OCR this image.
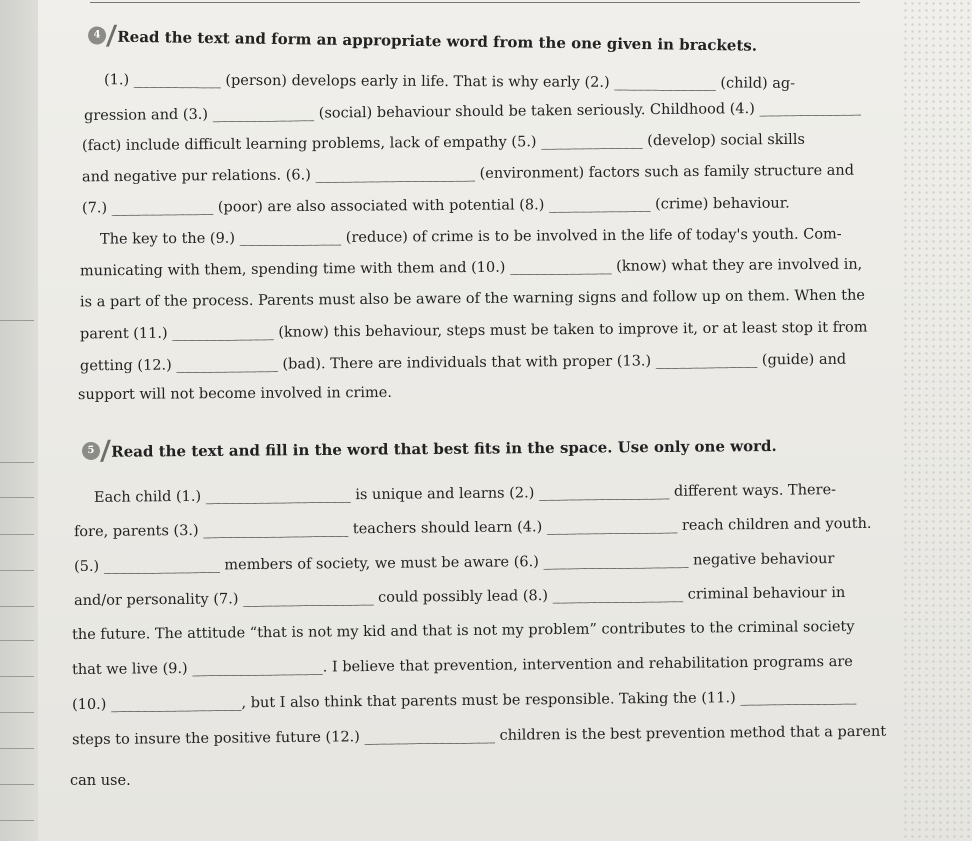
4 Read the text and form an appropriate word from the one given in brackets.
(1.) ____________ (person) develops early in life. That is why early (2.) ______________ (child) ag-
gression and (3.) ______________ (social) behaviour should be taken seriously. Childhood (4.) ______________
(fact) include difficult learning problems, lack of empathy (5.) ______________ (develop) social skills
and negative pur relations. (6.) ______________________ (environment) factors such as family structure and
(7.) ______________ (poor) are also associated with potential (8.) ______________ (crime) behaviour.
The key to the (9.) ______________ (reduce) of crime is to be involved in the life of today's youth. Com-
municating with them, spending time with them and (10.) ______________ (know) what they are involved in,
is a part of the process. Parents must also be aware of the warning signs and follow up on them. When the
parent (11.) ______________ (know) this behaviour, steps must be taken to improve it, or at least stop it from
getting (12.) ______________ (bad). There are individuals that with proper (13.) ______________ (guide) and
support will not become involved in crime.
5 Read the text and fill in the word that best fits in the space. Use only one word.
Each child (1.) ____________________ is unique and learns (2.) __________________ different ways. There-
fore, parents (3.) ____________________ teachers should learn (4.) __________________ reach children and youth.
(5.) ________________ members of society, we must be aware (6.) ____________________ negative behaviour
and/or personality (7.) __________________ could possibly lead (8.) __________________ criminal behaviour in
the future. The attitude “that is not my kid and that is not my problem” contributes to the criminal society
that we live (9.) __________________. I believe that prevention, intervention and rehabilitation programs are
(10.) __________________, but I also think that parents must be responsible. Taking the (11.) ________________
steps to insure the positive future (12.) __________________ children is the best prevention method that a parent
can use.
